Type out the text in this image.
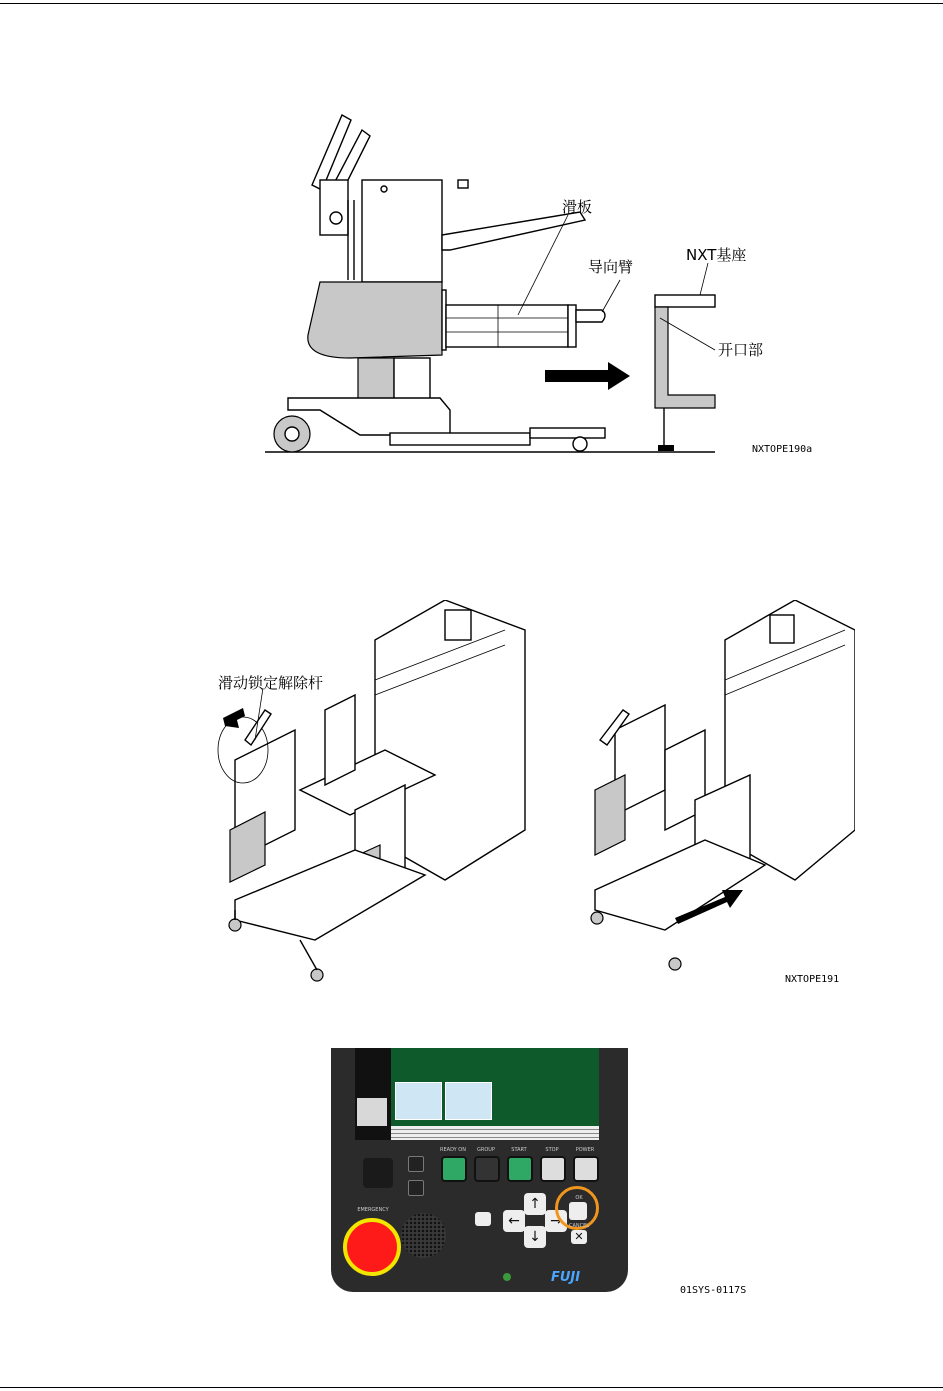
滑板
导向臂
NXT基座
开口部
NXTOPE190a
滑动锁定解除杆
NXTOPE191
READY ON	GROUP	START	STOP	POWER
↑
←	→
↓
OK
✕
CANCEL
EMERGENCY
FUJI
01SYS-0117S
